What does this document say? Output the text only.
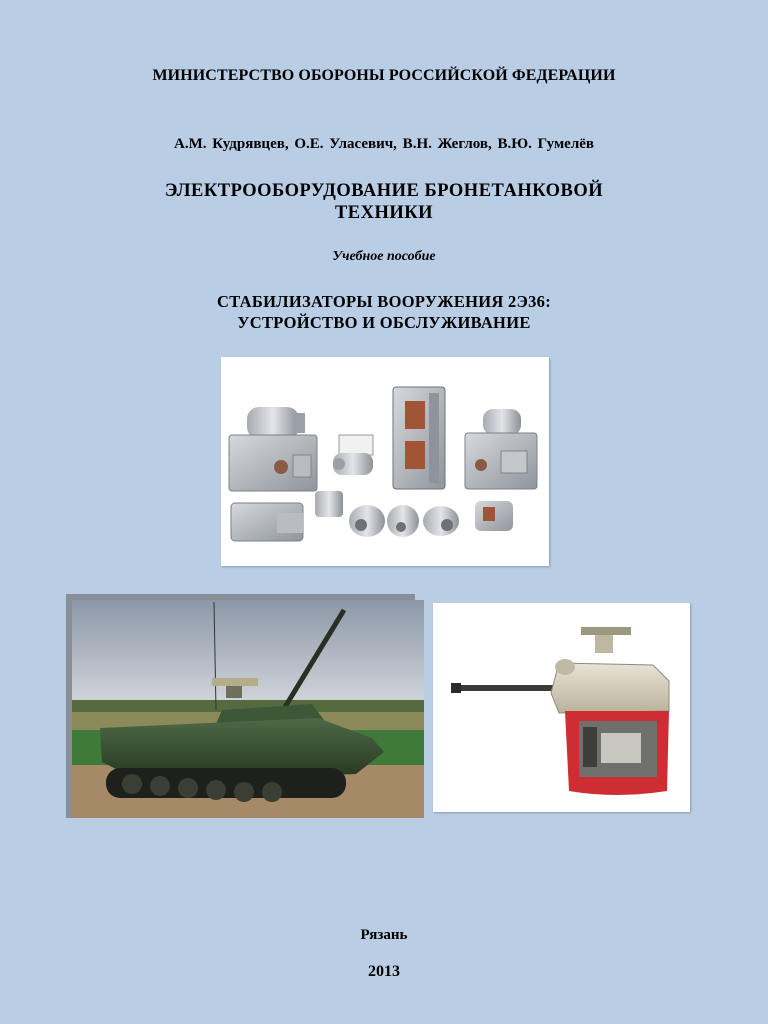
МИНИСТЕРСТВО ОБОРОНЫ РОССИЙСКОЙ ФЕДЕРАЦИИ
А.М. Кудрявцев, О.Е. Уласевич, В.Н. Жеглов, В.Ю. Гумелёв
ЭЛЕКТРООБОРУДОВАНИЕ БРОНЕТАНКОВОЙ
ТЕХНИКИ
Учебное пособие
СТАБИЛИЗАТОРЫ ВООРУЖЕНИЯ 2Э36:
УСТРОЙСТВО И ОБСЛУЖИВАНИЕ
Рязань
2013
